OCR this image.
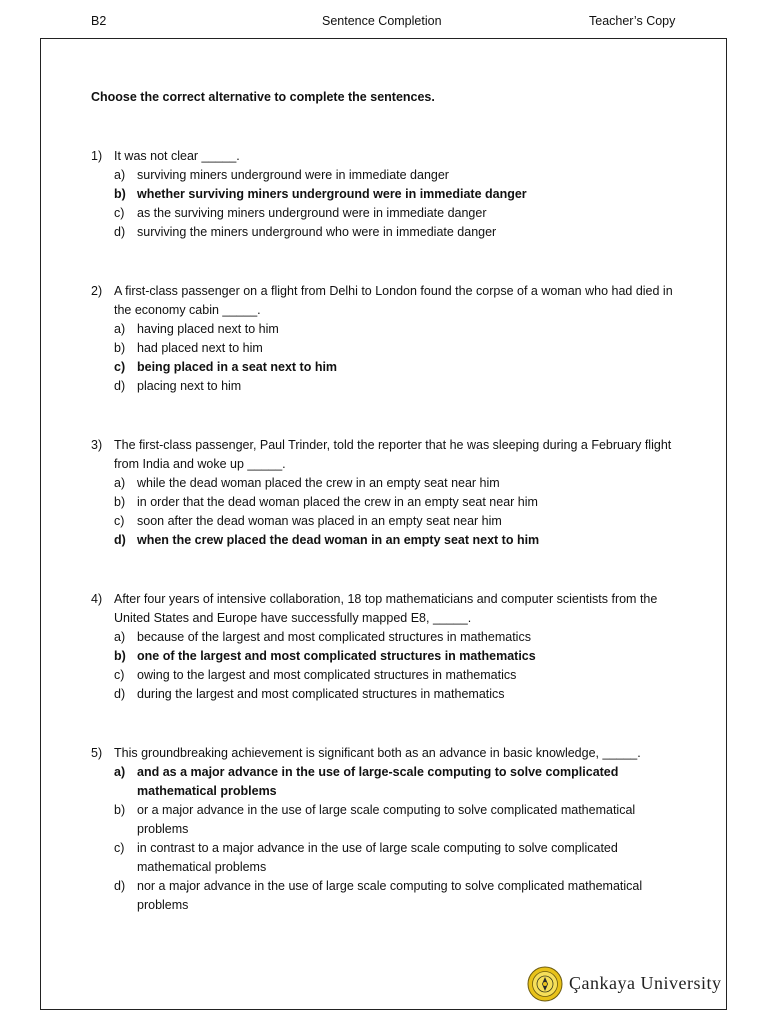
B2	Sentence Completion	Teacher’s Copy
Choose the correct alternative to complete the sentences.
1) It was not clear _____.
a) surviving miners underground were in immediate danger
b) whether surviving miners underground were in immediate danger
c)	as the surviving miners underground were in immediate danger
d) surviving the miners underground who were in immediate danger
2) A first-class passenger on a flight from Delhi to London found the corpse of a woman who had died in the economy cabin _____.
a) having placed next to him
b) had placed next to him
c) being placed in a seat next to him
d) placing next to him
3) The first-class passenger, Paul Trinder, told the reporter that he was sleeping during a February flight from India and woke up _____.
a) while the dead woman placed the crew in an empty seat near him
b) in order that the dead woman placed the crew in an empty seat near him
c)	soon after the dead woman was placed in an empty seat near him
d) when the crew placed the dead woman in an empty seat next to him
4) After four years of intensive collaboration, 18 top mathematicians and computer scientists from the United States and Europe have successfully mapped E8, _____.
a) because of the largest and most complicated structures in mathematics
b) one of the largest and most complicated structures in mathematics
c)	owing to the largest and most complicated structures in mathematics
d) during the largest and most complicated structures in mathematics
5) This groundbreaking achievement is significant both as an advance in basic knowledge, _____.
a) and as a major advance in the use of large-scale computing to solve complicated mathematical problems
b) or a major advance in the use of large scale computing to solve complicated mathematical problems
c)	in contrast to a major advance in the use of large scale computing to solve complicated mathematical problems
d) nor a major advance in the use of large scale computing to solve complicated mathematical problems
Çankaya University
